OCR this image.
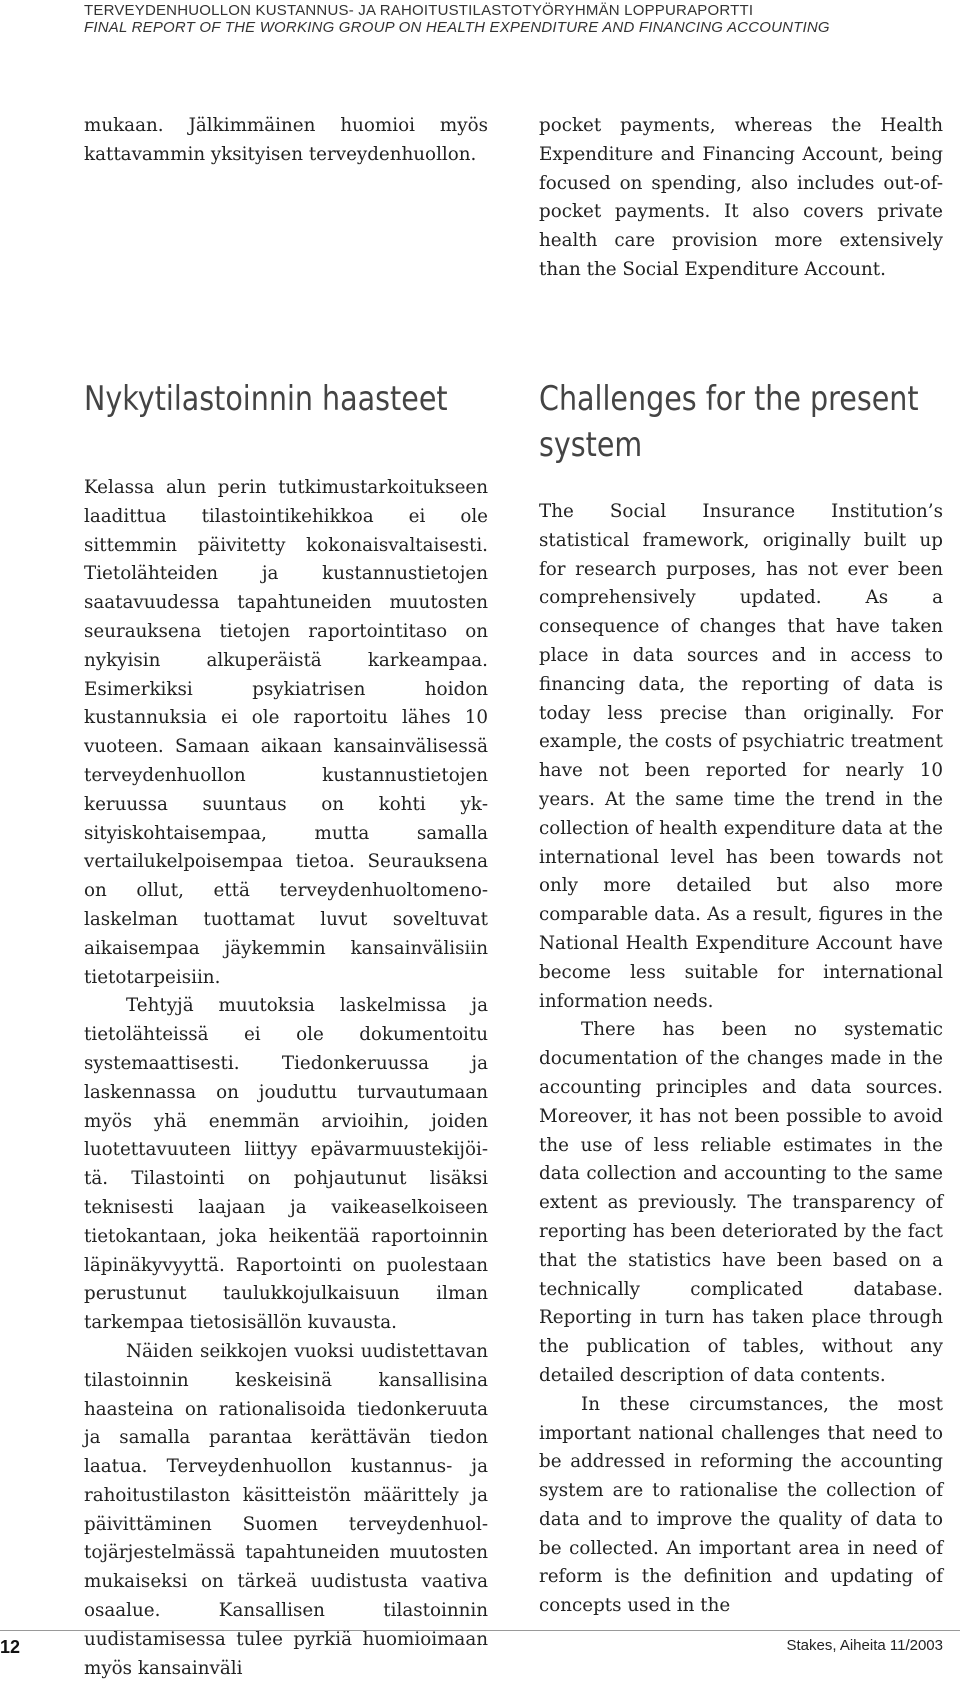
TERVEYDENHUOLLON KUSTANNUS- JA RAHOITUSTILASTOTYÖRYHMÄN LOPPURAPORTTI
FINAL REPORT OF THE WORKING GROUP ON HEALTH EXPENDITURE AND FINANCING ACCOUNTING

mukaan. Jälkimmäinen huomioi myös kattavammin yksityisen terveydenhuollon.

pocket payments, whereas the Health Expenditure and Financing Account, being focused on spending, also includes out-of-pocket payments. It also covers private health care provision more extensively than the Social Expenditure Account.

Nykytilastoinnin haasteet

Kelassa alun perin tutkimustarkoitukseen laadittua tilastointikehikkoa ei ole sittemmin päivitetty kokonaisvaltaisesti. Tietolähteiden ja kustannustietojen saatavuudessa tapahtuneiden muutosten seurauksena tietojen raportointitaso on nykyisin alkuperäistä karkeampaa. Esimerkiksi psykiatrisen hoidon kustannuksia ei ole raportoitu lähes 10 vuoteen. Samaan aikaan kansainvälisessä terveydenhuollon kustannustietojen keruussa suuntaus on kohti yksityiskohtaisempaa, mutta samalla vertailukelpoisempaa tietoa. Seurauksena on ollut, että terveydenhuoltomeno-laskelman tuottamat luvut soveltuvat aikaisempaa jäykemmin kansainvälisiin tietotarpeisiin.

Tehtyjä muutoksia laskelmissa ja tietolähteissä ei ole dokumentoitu systemaattisesti. Tiedonkeruussa ja laskennassa on jouduttu turvautumaan myös yhä enemmän arvioihin, joiden luotettavuuteen liittyy epävarmuustekijöitä. Tilastointi on pohjautunut lisäksi teknisesti laajaan ja vaikeaselkoiseen tietokantaan, joka heikentää raportoinnin läpinäkyvyyttä. Raportointi on puolestaan perustunut taulukkojulkaisuun ilman tarkempaa tietosisällön kuvausta.

Näiden seikkojen vuoksi uudistettavan tilastoinnin keskeisinä kansallisina haasteina on rationalisoida tiedonkeruuta ja samalla parantaa kerättävän tiedon laatua. Terveydenhuollon kustannus- ja rahoitustilaston käsitteistön määrittely ja päivittäminen Suomen terveydenhuoltojärjestelmässä tapahtuneiden muutosten mukaiseksi on tärkeä uudistusta vaativa osaalue. Kansallisen tilastoinnin uudistamisessa tulee pyrkiä huomioimaan myös kansainväli

Challenges for the present system

The Social Insurance Institution’s statistical framework, originally built up for research purposes, has not ever been comprehensively updated. As a consequence of changes that have taken place in data sources and in access to financing data, the reporting of data is today less precise than originally. For example, the costs of psychiatric treatment have not been reported for nearly 10 years. At the same time the trend in the collection of health expenditure data at the international level has been towards not only more detailed but also more comparable data. As a result, figures in the National Health Expenditure Account have become less suitable for international information needs.

There has been no systematic documentation of the changes made in the accounting principles and data sources. Moreover, it has not been possible to avoid the use of less reliable estimates in the data collection and accounting to the same extent as previously. The transparency of reporting has been deteriorated by the fact that the statistics have been based on a technically complicated database. Reporting in turn has taken place through the publication of tables, without any detailed description of data contents.

In these circumstances, the most important national challenges that need to be addressed in reforming the accounting system are to rationalise the collection of data and to improve the quality of data to be collected. An important area in need of reform is the definition and updating of concepts used in the

12	Stakes, Aiheita 11/2003
